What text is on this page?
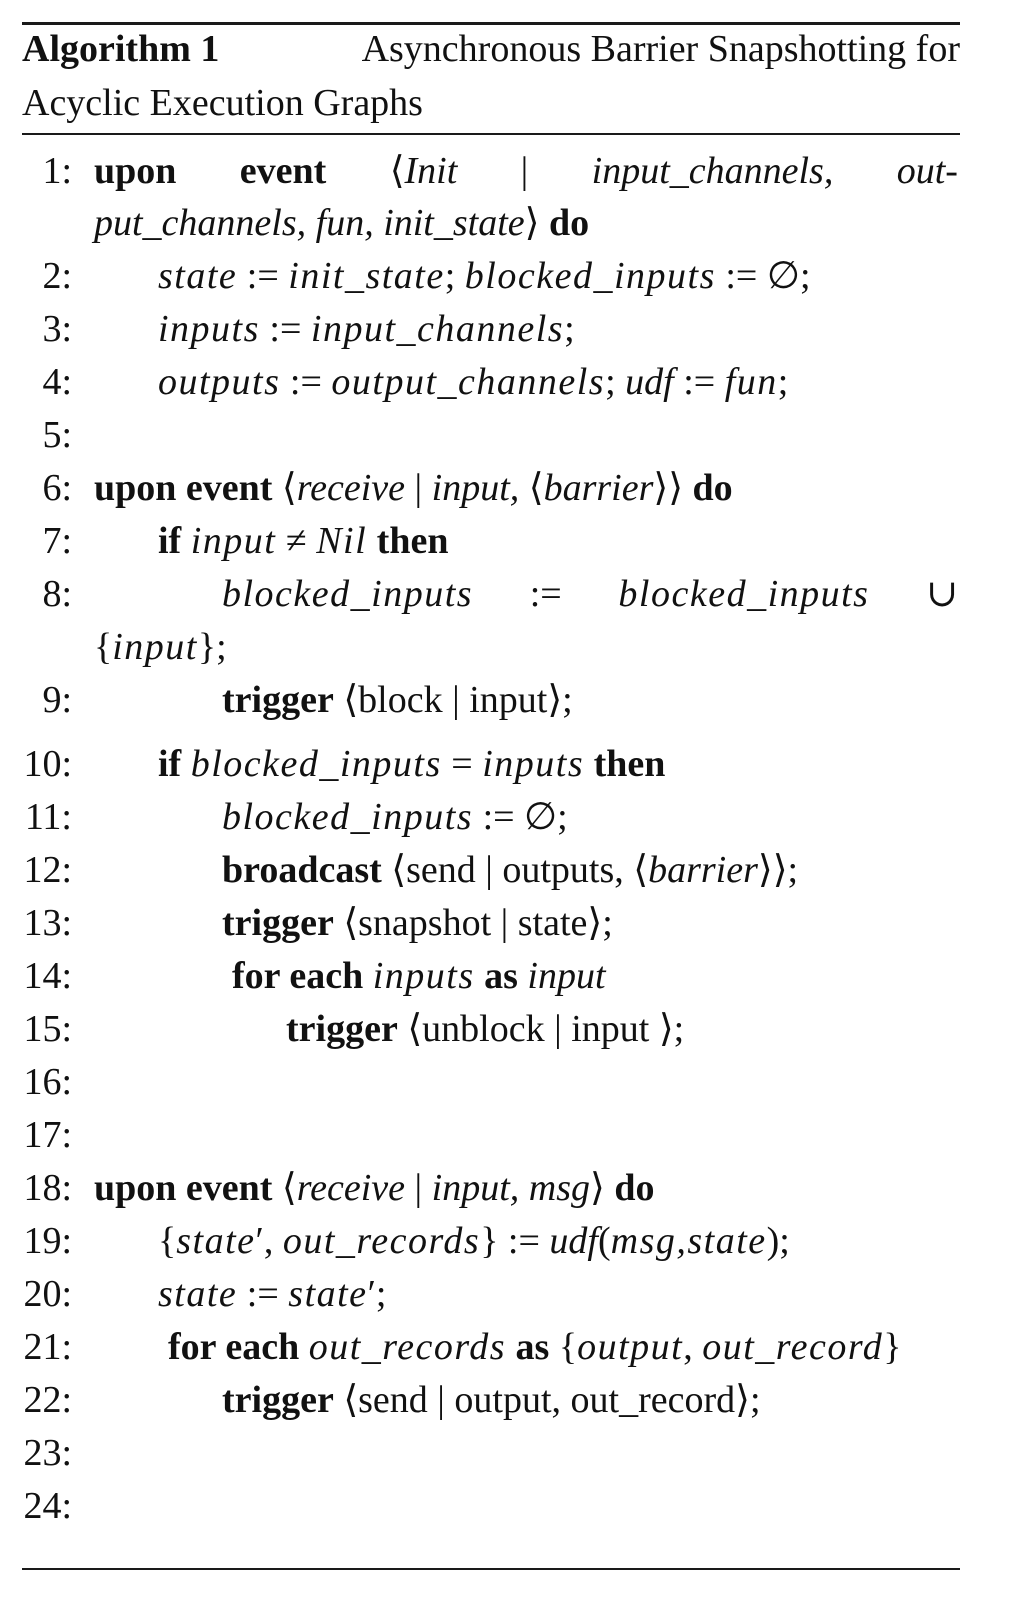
Algorithm 1	Asynchronous Barrier Snapshotting for
Acyclic Execution Graphs
1: upon event ⟨Init | input_channels, out-
put_channels, fun, init_state⟩ do
2: state := init_state; blocked_inputs := ∅;
3: inputs := input_channels;
4: outputs := output_channels; udf := fun;
5:
6: upon event ⟨receive | input, ⟨barrier⟩⟩ do
7: if input ≠ Nil then
8:	blocked_inputs := blocked_inputs ∪
{input};
9:	trigger ⟨block | input⟩;
10: if blocked_inputs = inputs then
11:	blocked_inputs := ∅;
12:	broadcast ⟨send | outputs, ⟨barrier⟩⟩;
13:	trigger ⟨snapshot | state⟩;
14:	for each inputs as input
15:	trigger ⟨unblock | input ⟩;
16:
17:
18: upon event ⟨receive | input, msg⟩ do
19: {state′, out_records} := udf(msg,state);
20: state := state′;
21:	for each out_records as {output, out_record}
22:	trigger ⟨send | output, out_record⟩;
23:
24:
